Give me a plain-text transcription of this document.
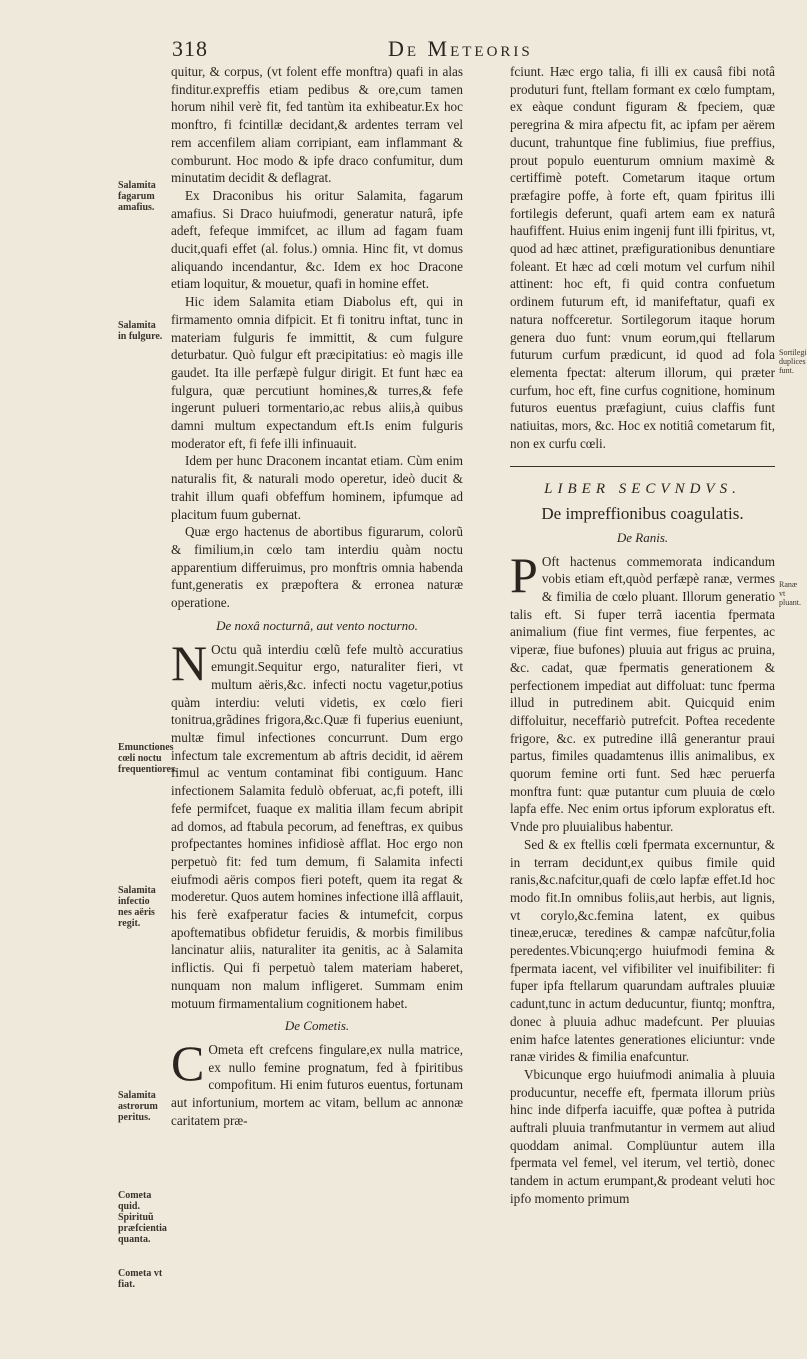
318	De Meteoris
Salamita fagarum amafius.
Salamita in fulgure.
Emunctiones cœli noctu frequentiores.
Salamita infectio nes aëris regit.
Salamita astrorum peritus.
Cometa quid. Spirituũ præfcientia quanta.
Cometa vt fiat.
Sortilegi duplices funt.
Ranæ vt pluant.

quitur, & corpus, (vt folent effe monftra) quafi in alas finditur.expreffis etiam pedibus & ore,cum tamen horum nihil verè fit, fed tantùm ita exhibeatur.Ex hoc monftro, fi fcintillæ decidant,& ardentes terram vel rem accenfilem aliam corripiant, eam inflammant & comburunt. Hoc modo & ipfe draco confumitur, dum minutatim decidit & deflagrat.

Ex Draconibus his oritur Salamita, fagarum amafius. Si Draco huiufmodi, generatur naturâ, ipfe adeft, fefeque immifcet, ac illum ad fagam fuam ducit,quafi effet (al. folus.) omnia. Hinc fit, vt domus aliquando incendantur, &c. Idem ex hoc Dracone etiam loquitur, & mouetur, quafi in homine effet.

Hic idem Salamita etiam Diabolus eft, qui in firmamento omnia difpicit. Et fi tonitru inftat, tunc in materiam fulguris fe immittit, & cum fulgure deturbatur. Quò fulgur eft præcipitatius: eò magis ille gaudet. Ita ille perfæpè fulgur dirigit. Et funt hæc ea fulgura, quæ percutiunt homines,& turres,& fefe ingerunt pulueri tormentario,ac rebus aliis,à quibus damni multum expectandum eft.Is enim fulguris moderator eft, fi fefe illi infinuauit.

Idem per hunc Draconem incantat etiam. Cùm enim naturalis fit, & naturali modo operetur, ideò ducit & trahit illum quafi obfeffum hominem, ipfumque ad placitum fuum gubernat.

Quæ ergo hactenus de abortibus figurarum, colorũ & fimilium,in cœlo tam interdiu quàm noctu apparentium differuimus, pro monftris omnia habenda funt,generatis ex præpoftera & erronea naturæ operatione.

De noxâ nocturnâ, aut vento nocturno.

N Octu quã interdiu cœlũ fefe multò accuratius emungit.Sequitur ergo, naturaliter fieri, vt multum aëris,&c. infecti noctu vagetur,potius quàm interdiu: veluti videtis, ex cœlo fieri tonitrua,grãdines frigora,&c.Quæ fi fuperius eueniunt, multæ fimul infectiones concurrunt. Dum ergo infectum tale excrementum ab aftris decidit, id aërem fimul ac ventum contaminat fibi contiguum. Hanc infectionem Salamita fedulò obferuat, ac,fi poteft, illi fefe permifcet, fuaque ex malitia illam fecum abripit ad domos, ad ftabula pecorum, ad feneftras, ex quibus profpectantes homines infidiosè afflat. Hoc ergo non perpetuò fit: fed tum demum, fi Salamita infecti eiufmodi aëris compos fieri poteft, quem ita regat & moderetur. Quos autem homines infectione illâ afflauit, his ferè exafperatur facies & intumefcit, corpus apoftematibus obfidetur feruidis, & morbis fimilibus lancinatur aliis, naturaliter ita genitis, ac à Salamita inflictis. Qui fi perpetuò talem materiam haberet, nunquam non malum infligeret. Summam enim motuum firmamentalium cognitionem habet.

De Cometis.

C Ometa eft crefcens fingulare,ex nulla matrice, ex nullo femine prognatum, fed à fpiritibus compofitum. Hi enim futuros euentus, fortunam aut infortunium, mortem ac vitam, bellum ac annonæ caritatem præ-

fciunt. Hæc ergo talia, fi illi ex causâ fibi notâ produturi funt, ftellam formant ex cœlo fumptam, ex eàque condunt figuram & fpeciem, quæ peregrina & mira afpectu fit, ac ipfam per aërem ducunt, trahuntque fine fublimius, fiue preffius, prout populo euenturum omnium maximè & certiffimè poteft. Cometarum itaque ortum præfagire poffe, à forte eft, quam fpiritus illi fortilegis deferunt, quafi artem eam ex naturâ haufiffent. Huius enim ingenij funt illi fpiritus, vt, quod ad hæc attinet, præfigurationibus denuntiare foleant. Et hæc ad cœli motum vel curfum nihil attinent: hoc eft, fi quid contra confuetum ordinem futurum eft, id manifeftatur, quafi ex natura noffceretur. Sortilegorum itaque horum genera duo funt: vnum eorum,qui ftellarum futurum curfum prædicunt, id quod ad fola elementa fpectat: alterum illorum, qui præter curfum, hoc eft, fine curfus cognitione, hominum futuros euentus præfagiunt, cuius claffis funt natiuitas, mors, &c. Hoc ex notitiâ cometarum fit, non ex curfu cœli.

LIBER SECVNDVS.
De impreffionibus coagulatis.
De Ranis.

P Oft hactenus commemorata indicandum vobis etiam eft,quòd perfæpè ranæ, vermes & fimilia de cœlo pluant. Illorum generatio talis eft. Si fuper terrã iacentia fpermata animalium (fiue fint vermes, fiue ferpentes, ac viperæ, fiue bufones) pluuia aut frigus ac pruina, &c. cadat, quæ fpermatis generationem & perfectionem impediat aut diffoluat: tunc fperma illud in putredinem abit. Quicquid enim diffoluitur, neceffariò putrefcit. Poftea recedente frigore, &c. ex putredine illâ generantur praui partus, fimiles quadamtenus illis animalibus, ex quorum femine orti funt. Sed hæc peruerfa monftra funt: quæ putantur cum pluuia de cœlo lapfa effe. Nec enim ortus ipforum exploratus eft. Vnde pro pluuialibus habentur.

Sed & ex ftellis cœli fpermata excernuntur, & in terram decidunt,ex quibus fimile quid ranis,&c.nafcitur,quafi de cœlo lapfæ effet.Id hoc modo fit.In omnibus foliis,aut herbis, aut lignis, vt corylo,&c.femina latent, ex quibus tineæ,erucæ, teredines & campæ nafcũtur,folia peredentes.Vbicunq;ergo huiufmodi femina & fpermata iacent, vel vifibiliter vel inuifibiliter: fi fuper ipfa ftellarum quarundam auftrales pluuiæ cadunt,tunc in actum deducuntur, fiuntq; monftra, donec à pluuia adhuc madefcunt. Per pluuias enim hafce latentes generationes eliciuntur: vnde ranæ virides & fimilia enafcuntur.

Vbicunque ergo huiufmodi animalia à pluuia producuntur, neceffe eft, fpermata illorum priùs hinc inde difperfa iacuiffe, quæ poftea à putrida auftrali pluuia tranfmutantur in vermem aut aliud quoddam animal. Complüuntur autem illa fpermata vel femel, vel iterum, vel tertiò, donec tandem in actum erumpant,& prodeant veluti hoc ipfo momento primum
